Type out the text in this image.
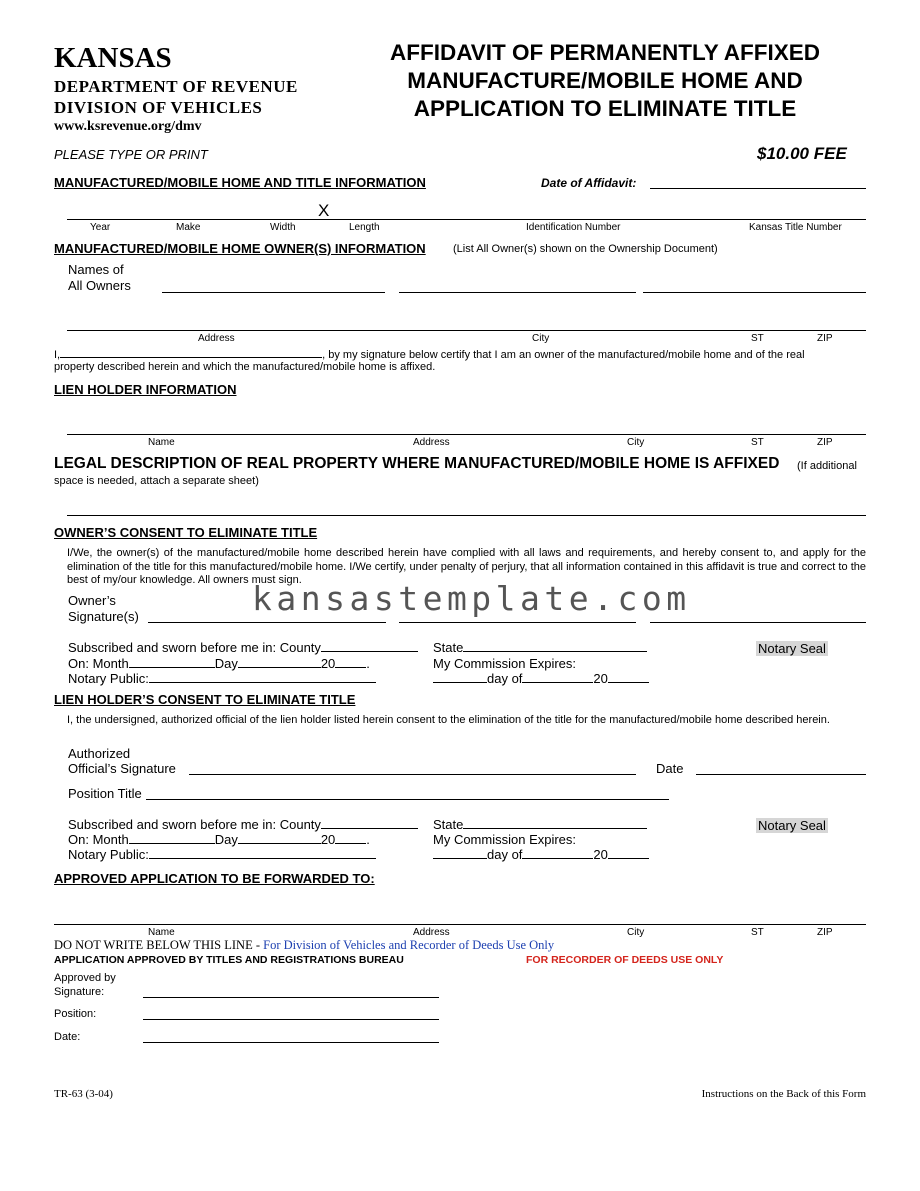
KANSAS
DEPARTMENT OF REVENUE
DIVISION OF VEHICLES
www.ksrevenue.org/dmv
AFFIDAVIT OF PERMANENTLY AFFIXED
MANUFACTURE/MOBILE HOME AND
APPLICATION TO ELIMINATE TITLE
PLEASE TYPE OR PRINT	$10.00 FEE
MANUFACTURED/MOBILE HOME AND TITLE INFORMATION	Date of Affidavit:
X
Year	Make	Width	Length	Identification Number	Kansas Title Number
MANUFACTURED/MOBILE HOME OWNER(S) INFORMATION (List All Owner(s) shown on the Ownership Document)
Names of
All Owners
Address	City	ST	ZIP
I,	, by my signature below certify that I am an owner of the manufactured/mobile home and of the real
property described herein and which the manufactured/mobile home is affixed.
LIEN HOLDER INFORMATION
Name	Address	City	ST	ZIP
LEGAL DESCRIPTION OF REAL PROPERTY WHERE MANUFACTURED/MOBILE HOME IS AFFIXED (If additional
space is needed, attach a separate sheet)
OWNER’S CONSENT TO ELIMINATE TITLE
I/We, the owner(s) of the manufactured/mobile home described herein have complied with all laws and requirements, and hereby consent to, and apply for the elimination of the title for this manufactured/mobile home. I/We certify, under penalty of perjury, that all information contained in this affidavit is true and correct to the best of my/our knowledge. All owners must sign.
kansastemplate.com
Owner’s
Signature(s)
Subscribed and sworn before me in: County	State	Notary Seal
On: Month	Day	20 .	My Commission Expires:
Notary Public:	day of	20
LIEN HOLDER’S CONSENT TO ELIMINATE TITLE
I, the undersigned, authorized official of the lien holder listed herein consent to the elimination of the title for the manufactured/mobile home described herein.
Authorized
Official’s Signature	Date
Position Title
Subscribed and sworn before me in: County	State	Notary Seal
On: Month	Day	20 .	My Commission Expires:
Notary Public:	day of	20
APPROVED APPLICATION TO BE FORWARDED TO:
Name	Address	City	ST	ZIP
DO NOT WRITE BELOW THIS LINE - For Division of Vehicles and Recorder of Deeds Use Only
APPLICATION APPROVED BY TITLES AND REGISTRATIONS BUREAU	FOR RECORDER OF DEEDS USE ONLY
Approved by
Signature:
Position:
Date:
TR-63 (3-04)	Instructions on the Back of this Form
